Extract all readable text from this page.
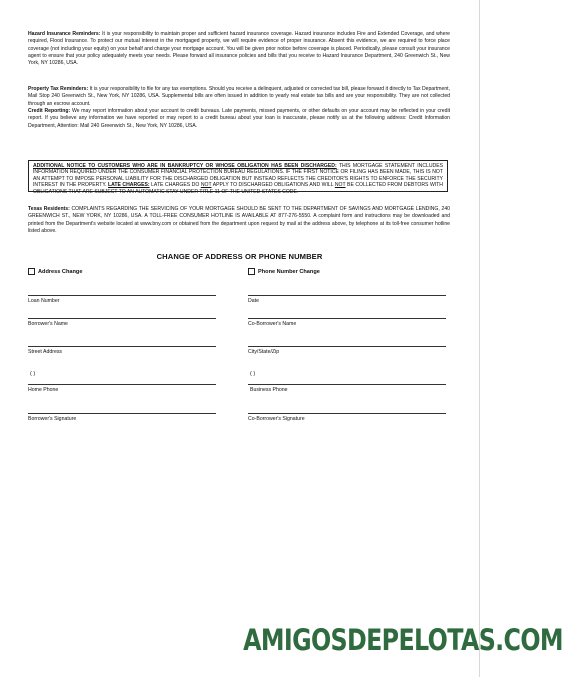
Hazard Insurance Reminders: It is your responsibility to maintain proper and sufficient hazard insurance coverage. Hazard insurance includes Fire and Extended Coverage, and where required, Flood Insurance. To protect our mutual interest in the mortgaged property, we will require evidence of proper insurance. Absent this evidence, we are required to force place coverage (not including your equity) on your behalf and charge your mortgage account. You will be given prior notice before coverage is placed. Periodically, please consult your insurance agent to ensure that your policy adequately meets your needs. Please forward all insurance policies and bills that you receive to Hazard Insurance Department, 240 Greenwich St., New York, NY 10286, USA.

Property Tax Reminders: It is your responsibility to file for any tax exemptions. Should you receive a delinquent, adjusted or corrected tax bill, please forward it directly to Tax Department, Mail Stop 240 Greenwich St., New York, NY 10286, USA. Supplemental bills are often issued in addition to yearly real estate tax bills and are your responsibility. They are not collected through an escrow account.

Credit Reporting: We may report information about your account to credit bureaus. Late payments, missed payments, or other defaults on your account may be reflected in your credit report. If you believe any information we have reported or may report to a credit bureau about your loan is inaccurate, please notify us at the following address: Credit Information Department, Attention: Mail 240 Greenwich St., New York, NY 10286, USA.

ADDITIONAL NOTICE TO CUSTOMERS WHO ARE IN BANKRUPTCY OR WHOSE OBLIGATION HAS BEEN DISCHARGED: THIS MORTGAGE STATEMENT INCLUDES INFORMATION REQUIRED UNDER THE CONSUMER FINANCIAL PROTECTION BUREAU REGULATIONS. IF THE FIRST NOTICE OR FILING HAS BEEN MADE, THIS IS NOT AN ATTEMPT TO IMPOSE PERSONAL LIABILITY FOR THE DISCHARGED OBLIGATION BUT INSTEAD REFLECTS THE CREDITOR'S RIGHTS TO ENFORCE THE SECURITY INTEREST IN THE PROPERTY. LATE CHARGES: LATE CHARGES DO NOT APPLY TO DISCHARGED OBLIGATIONS AND WILL NOT BE COLLECTED FROM DEBTORS WITH OBLIGATIONS THAT ARE SUBJECT TO AN AUTOMATIC STAY UNDER TITLE 11 OF THE UNITED STATES CODE.

Texas Residents: COMPLAINTS REGARDING THE SERVICING OF YOUR MORTGAGE SHOULD BE SENT TO THE DEPARTMENT OF SAVINGS AND MORTGAGE LENDING, 240 GREENWICH ST., NEW YORK, NY 10286, USA. A TOLL-FREE CONSUMER HOTLINE IS AVAILABLE AT 877-276-5550. A complaint form and instructions may be downloaded and printed from the Department's website located at www.bny.com or obtained from the department upon request by mail at the address above, by telephone at its toll-free consumer hotline listed above.

CHANGE OF ADDRESS OR PHONE NUMBER
Address Change	Phone Number Change
Loan Number	Date
Borrower's Name	Co-Borrower's Name
Street Address	City/State/Zip
( )	( )
Home Phone	Business Phone
Borrower's Signature	Co-Borrower's Signature
AMIGOSDEPELOTAS.COM
